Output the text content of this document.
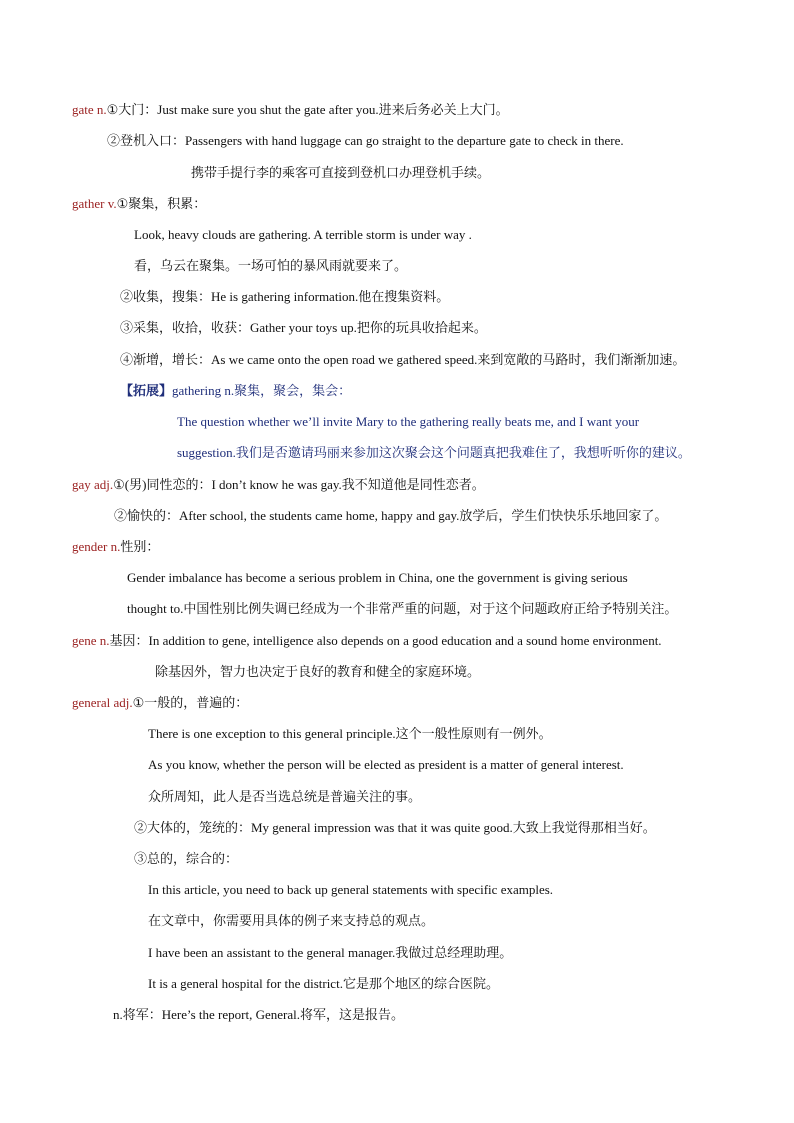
gate n.①大门：Just make sure you shut the gate after you.进来后务必关上大门。
②登机入口：Passengers with hand luggage can go straight to the departure gate to check in there.
携带手提行李的乘客可直接到登机口办理登机手续。
gather v.①聚集，积累：
Look, heavy clouds are gathering. A terrible storm is under way .
看，乌云在聚集。一场可怕的暴风雨就要来了。
②收集，搜集：He is gathering information.他在搜集资料。
③采集，收拾，收获：Gather your toys up.把你的玩具收拾起来。
④渐增，增长：As we came onto the open road we gathered speed.来到宽敞的马路时，我们渐渐加速。
【拓展】gathering n.聚集，聚会，集会：
The question whether we’ll invite Mary to the gathering really beats me, and I want your
suggestion.我们是否邀请玛丽来参加这次聚会这个问题真把我难住了，我想听听你的建议。
gay adj.①(男)同性恋的：I don’t know he was gay.我不知道他是同性恋者。
②愉快的：After school, the students came home, happy and gay.放学后，学生们快快乐乐地回家了。
gender n.性别：
Gender imbalance has become a serious problem in China, one the government is giving serious
thought to.中国性别比例失调已经成为一个非常严重的问题，对于这个问题政府正给予特别关注。
gene n.基因：In addition to gene, intelligence also depends on a good education and a sound home environment.
除基因外，智力也决定于良好的教育和健全的家庭环境。
general adj.①一般的，普遍的：
There is one exception to this general principle.这个一般性原则有一例外。
As you know, whether the person will be elected as president is a matter of general interest.
众所周知，此人是否当选总统是普遍关注的事。
②大体的，笼统的：My general impression was that it was quite good.大致上我觉得那相当好。
③总的，综合的：
In this article, you need to back up general statements with specific examples.
在文章中，你需要用具体的例子来支持总的观点。
I have been an assistant to the general manager.我做过总经理助理。
It is a general hospital for the district.它是那个地区的综合医院。
n.将军：Here’s the report, General.将军，这是报告。
